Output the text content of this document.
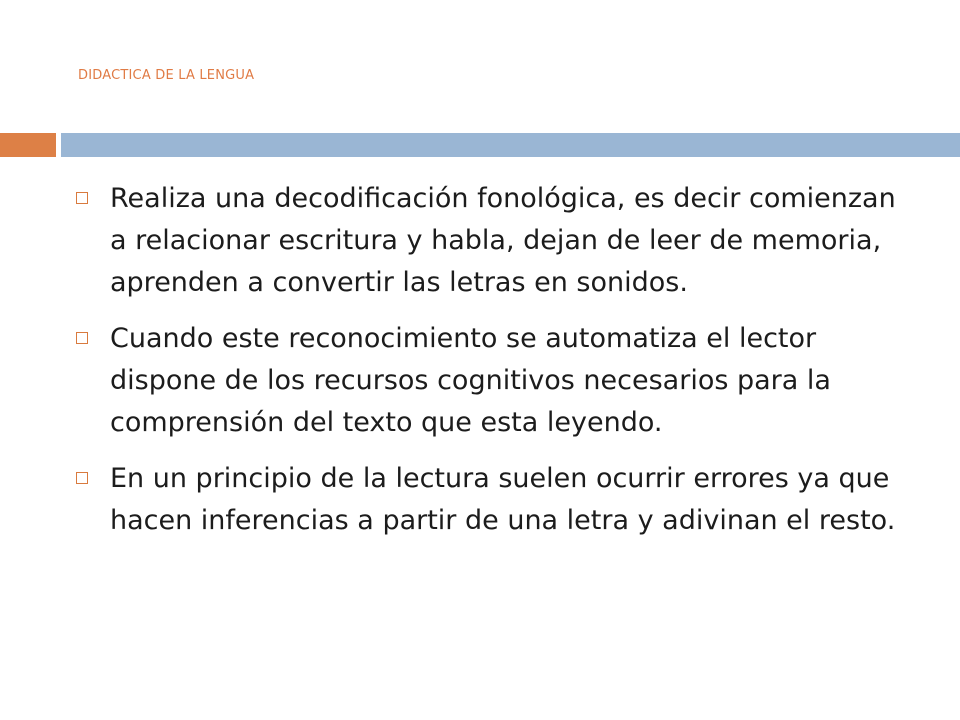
DIDACTICA DE LA LENGUA
Realiza una decodificación fonológica, es decir comienzan a relacionar escritura y habla, dejan de leer de memoria, aprenden a convertir las letras en sonidos.
Cuando este reconocimiento se automatiza el lector dispone de los recursos cognitivos necesarios para la comprensión del texto que esta leyendo.
En un principio de la lectura suelen ocurrir errores ya que hacen inferencias a partir de una letra y adivinan el resto.
